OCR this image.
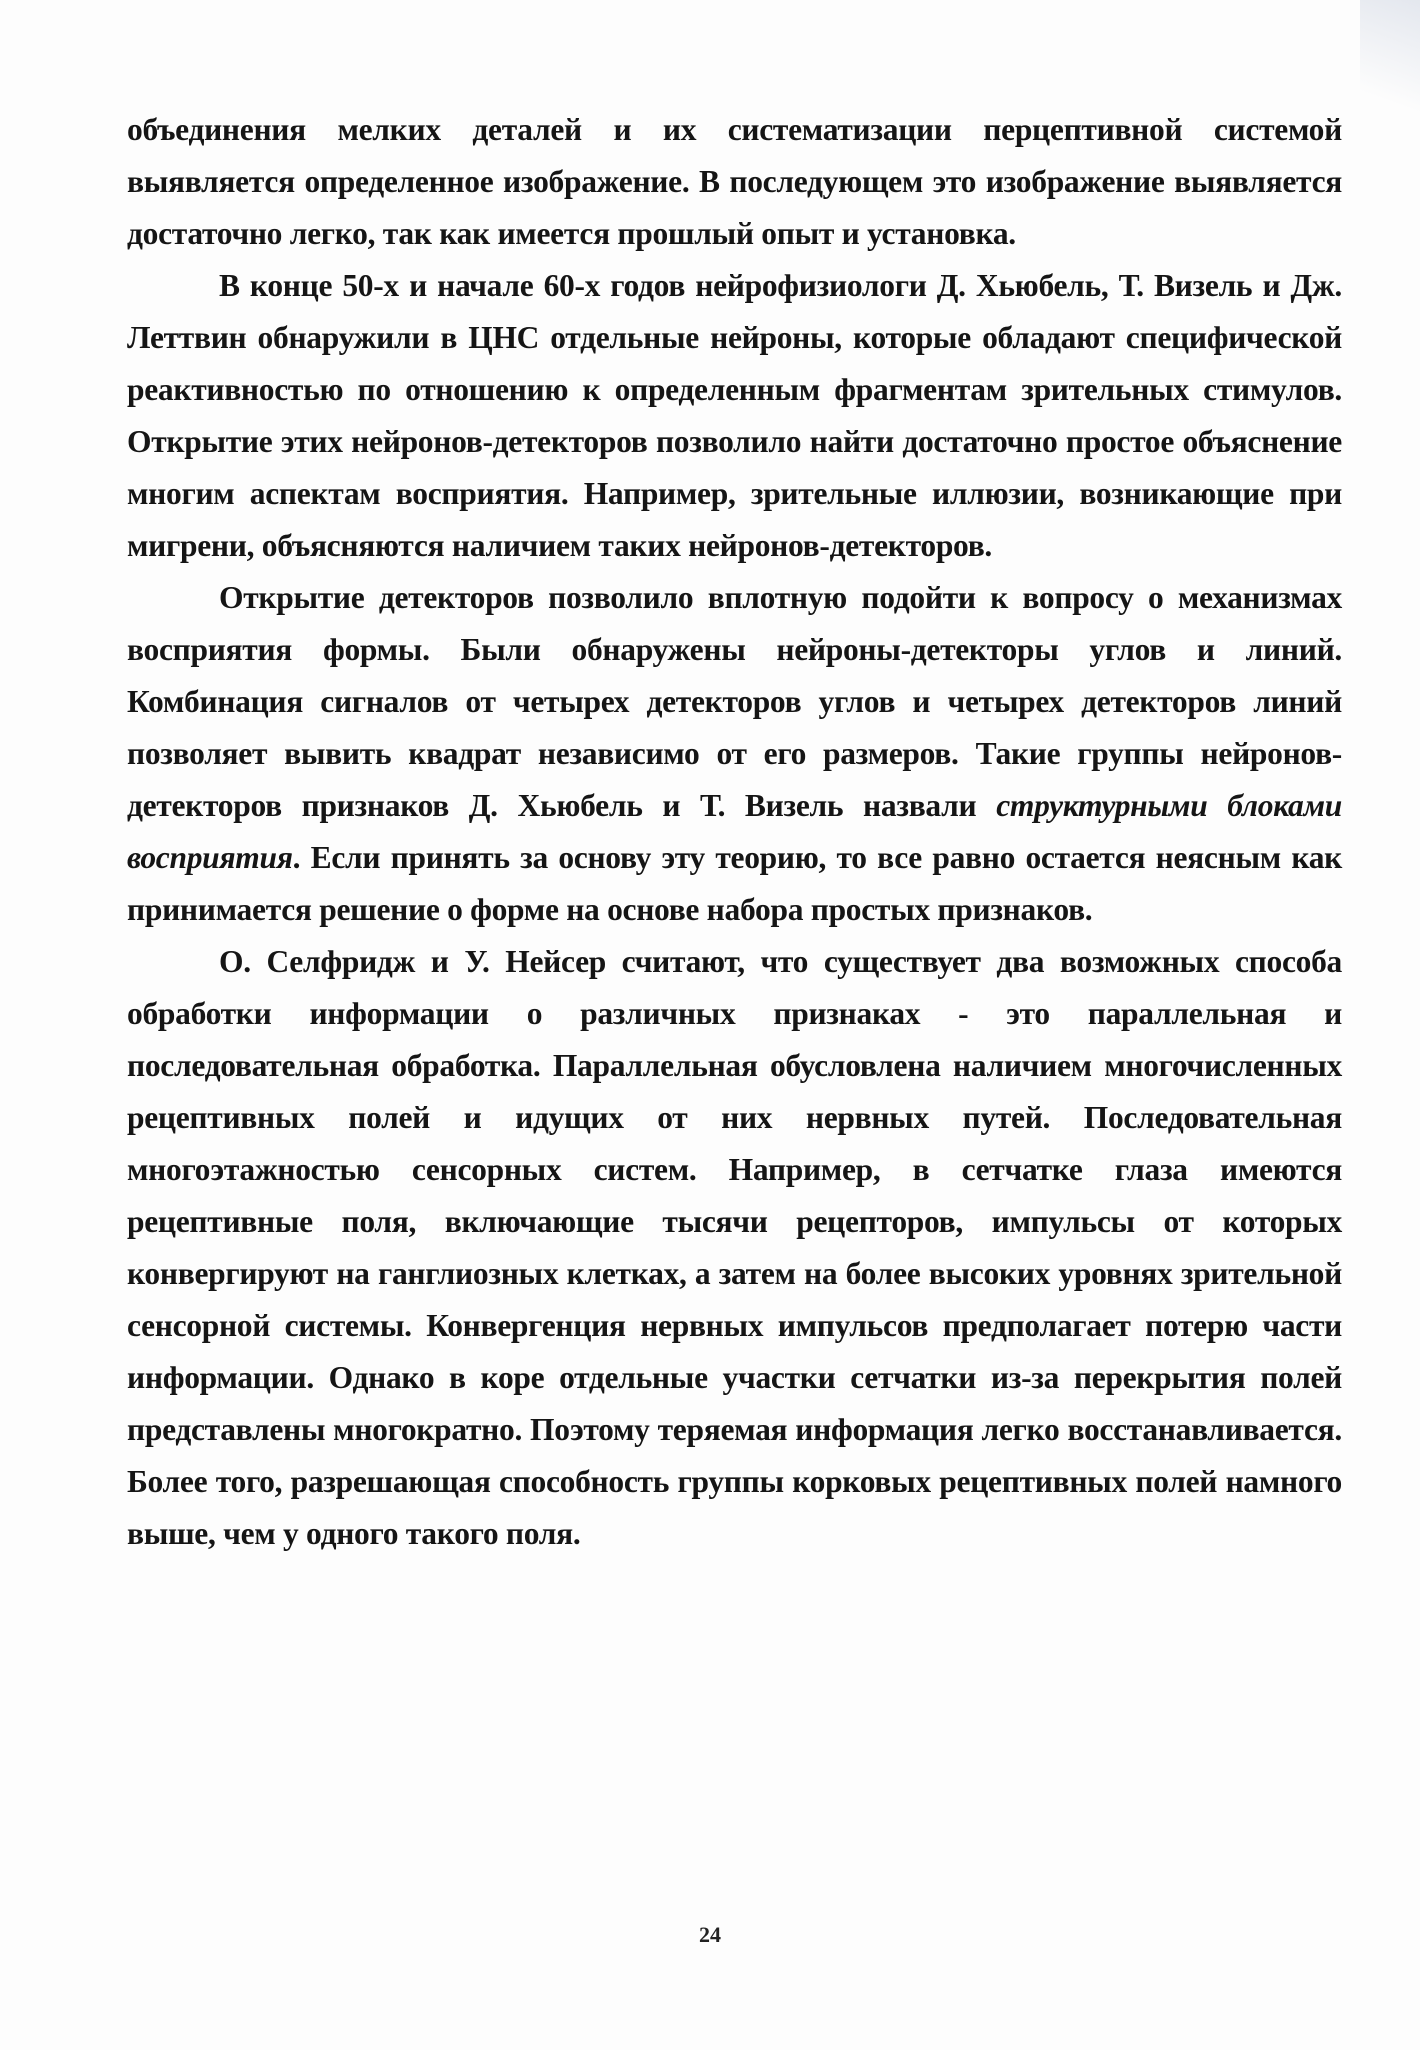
объединения мелких деталей и их систематизации перцептивной системой выявляется определенное изображение. В последующем это изображение выявляется достаточно легко, так как имеется прошлый опыт и установка.

В конце 50-х и начале 60-х годов нейрофизиологи Д. Хьюбель, Т. Визель и Дж. Леттвин обнаружили в ЦНС отдельные нейроны, которые обладают специфической реактивностью по отношению к определенным фрагментам зрительных стимулов. Открытие этих нейронов-детекторов позволило найти достаточно простое объяснение многим аспектам восприятия. Например, зрительные иллюзии, возникающие при мигрени, объясняются наличием таких нейронов-детекторов.

Открытие детекторов позволило вплотную подойти к вопросу о механизмах восприятия формы. Были обнаружены нейроны-детекторы углов и линий. Комбинация сигналов от четырех детекторов углов и четырех детекторов линий позволяет вывить квадрат независимо от его размеров. Такие группы нейронов-детекторов признаков Д. Хьюбель и Т. Визель назвали структурными блоками восприятия. Если принять за основу эту теорию, то все равно остается неясным как принимается решение о форме на основе набора простых признаков.

О. Селфридж и У. Нейсер считают, что существует два возможных способа обработки информации о различных признаках - это параллельная и последовательная обработка. Параллельная обусловлена наличием многочисленных рецептивных полей и идущих от них нервных путей. Последовательная многоэтажностью сенсорных систем. Например, в сетчатке глаза имеются рецептивные поля, включающие тысячи рецепторов, импульсы от которых конвергируют на ганглиозных клетках, а затем на более высоких уровнях зрительной сенсорной системы. Конвергенция нервных импульсов предполагает потерю части информации. Однако в коре отдельные участки сетчатки из-за перекрытия полей представлены многократно. Поэтому теряемая информация легко восстанавливается. Более того, разрешающая способность группы корковых рецептивных полей намного выше, чем у одного такого поля.

24
